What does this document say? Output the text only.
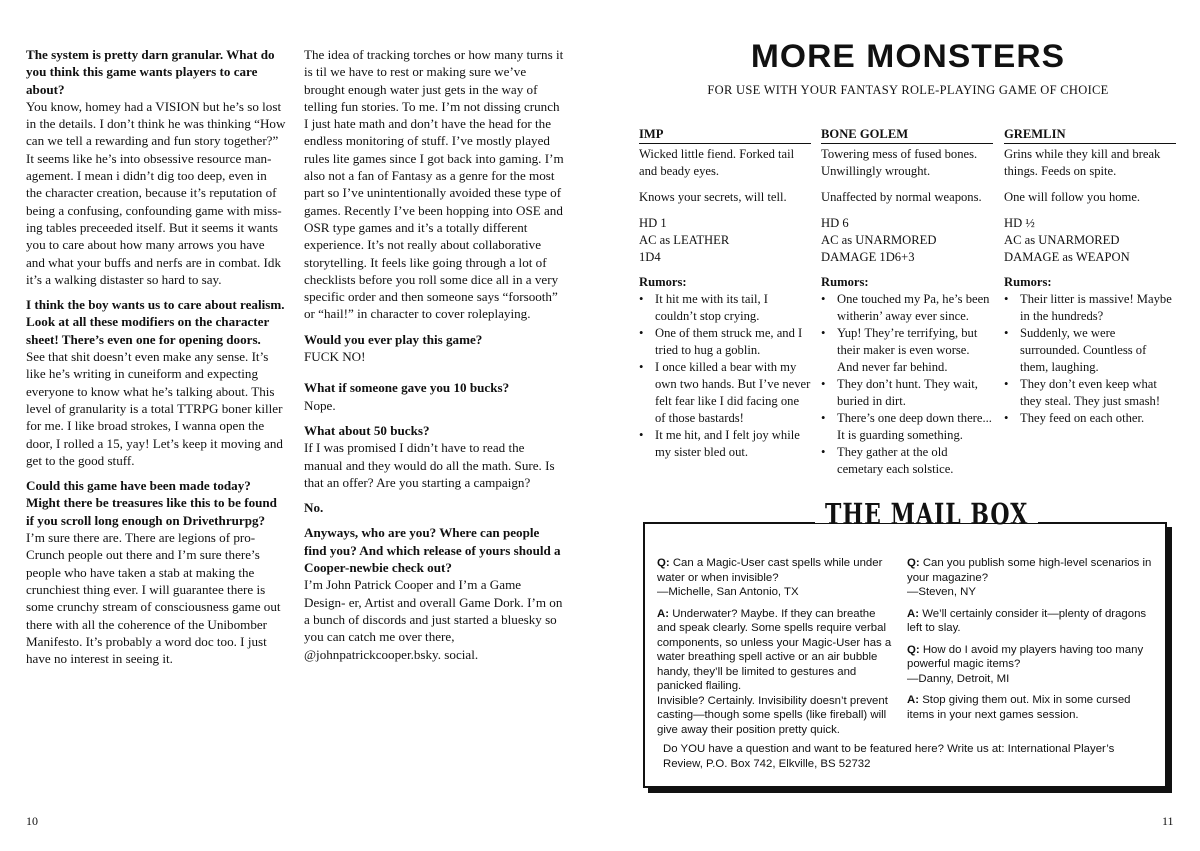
The system is pretty darn granular. What do you think this game wants players to care about?
You know, homey had a VISION but he’s so lost in the details. I don’t think he was thinking “How can we tell a rewarding and fun story together?” It seems like he’s into obsessive resource man- agement. I mean i didn’t dig too deep, even in the character creation, because it’s reputation of being a confusing, confounding game with miss- ing tables preceeded itself. But it seems it wants you to care about how many arrows you have and what your buffs and nerfs are in combat. Idk it’s a walking distaster so hard to say.

I think the boy wants us to care about realism. Look at all these modifiers on the character sheet! There’s even one for opening doors.
See that shit doesn’t even make any sense. It’s like he’s writing in cuneiform and expecting everyone to know what he’s talking about. This level of granularity is a total TTRPG boner killer for me. I like broad strokes, I wanna open the door, I rolled a 15, yay! Let’s keep it moving and get to the good stuff.

Could this game have been made today? Might there be treasures like this to be found if you scroll long enough on Drivethrurpg?
I’m sure there are. There are legions of pro- Crunch people out there and I’m sure there’s people who have taken a stab at making the crunchiest thing ever. I will guarantee there is some crunchy stream of consciousness game out there with all the coherence of the Unibomber Manifesto. It’s probably a word doc too. I just have no interest in seeing it.

The idea of tracking torches or how many turns it is til we have to rest or making sure we’ve brought enough water just gets in the way of telling fun stories. To me. I’m not dissing crunch I just hate math and don’t have the head for the endless monitoring of stuff. I’ve mostly played rules lite games since I got back into gaming. I’m also not a fan of Fantasy as a genre for the most part so I’ve unintentionally avoided these type of games. Recently I’ve been hopping into OSE and OSR type games and it’s a totally different experience. It’s not really about collaborative storytelling. It feels like going through a lot of checklists before you roll some dice all in a very specific order and then someone says “forsooth” or “hail!” in character to cover roleplaying.

Would you ever play this game?
FUCK NO!

What if someone gave you 10 bucks?
Nope.

What about 50 bucks?
If I was promised I didn’t have to read the manual and they would do all the math. Sure. Is that an offer? Are you starting a campaign?

No.

Anyways, who are you? Where can people find you? And which release of yours should a Cooper-newbie check out?
I’m John Patrick Cooper and I’m a Game Design- er, Artist and overall Game Dork. I’m on a bunch of discords and just started a bluesky so you can catch me over there, @johnpatrickcooper.bsky. social.

10
MORE MONSTERS
FOR USE WITH YOUR FANTASY ROLE-PLAYING GAME OF CHOICE
IMP

Wicked little fiend. Forked tail and beady eyes.

Knows your secrets, will tell.

HD 1
AC as LEATHER
1D4

Rumors:

• It hit me with its tail, I couldn’t stop crying.
• One of them struck me, and I tried to hug a goblin.
• I once killed a bear with my own two hands. But I’ve never felt fear like I did facing one of those bastards!
• It me hit, and I felt joy while my sister bled out.
BONE GOLEM

Towering mess of fused bones. Unwillingly wrought.

Unaffected by normal weapons.

HD 6
AC as UNARMORED
DAMAGE 1D6+3

Rumors:

• One touched my Pa, he’s been witherin’ away ever since.
• Yup! They’re terrifying, but their maker is even worse. And never far behind.
• They don’t hunt. They wait, buried in dirt.
• There’s one deep down there... It is guarding something.
• They gather at the old cemetary each solstice.
GREMLIN

Grins while they kill and break things. Feeds on spite.

One will follow you home.

HD ½
AC as UNARMORED
DAMAGE as WEAPON

Rumors:

• Their litter is massive! Maybe in the hundreds?
• Suddenly, we were surrounded. Countless of them, laughing.
• They don’t even keep what they steal. They just smash!
• They feed on each other.
THE MAIL BOX
Q: Can a Magic-User cast spells while under water or when invisible?
—Michelle, San Antonio, TX
A: Underwater? Maybe. If they can breathe and speak clearly. Some spells require verbal components, so unless your Magic-User has a water breathing spell active or an air bubble handy, they’ll be limited to gestures and panicked flailing.
Invisible? Certainly. Invisibility doesn’t prevent casting—though some spells (like fireball) will give away their position pretty quick.
Q: Can you publish some high-level scenarios in your magazine?
—Steven, NY
A: We’ll certainly consider it—plenty of dragons left to slay.
Q: How do I avoid my players having too many powerful magic items?
—Danny, Detroit, MI
A: Stop giving them out. Mix in some cursed items in your next games session.
Do YOU have a question and want to be featured here? Write us at: International Player’s Review, P.O. Box 742, Elkville, BS 52732
11
